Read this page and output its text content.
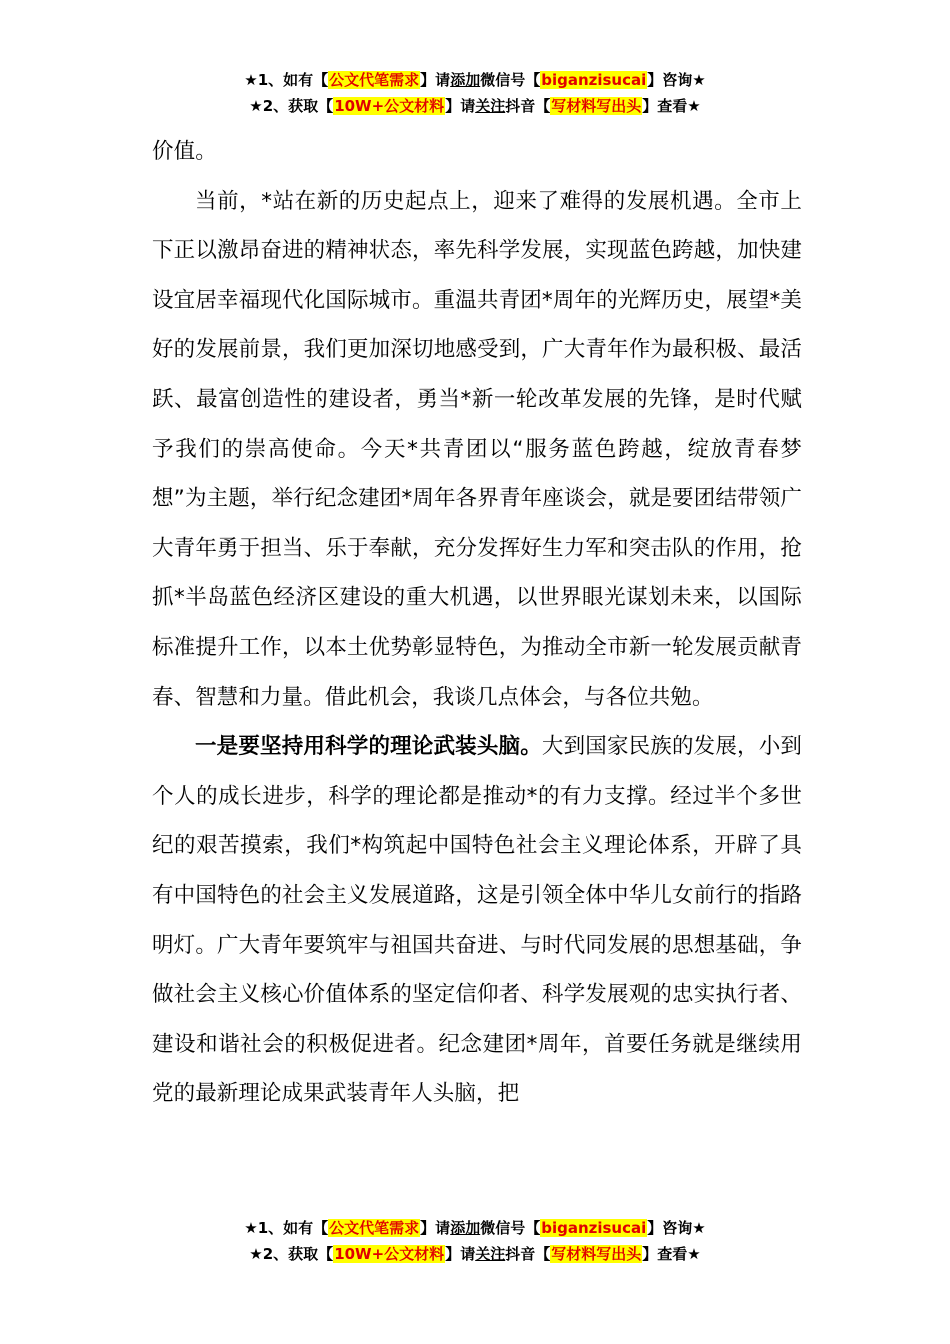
★1、如有【公文代笔需求】请添加微信号【biganzisucai】咨询★
★2、获取【10W+公文材料】请关注抖音【写材料写出头】查看★

价值。

当前，*站在新的历史起点上，迎来了难得的发展机遇。全市上下正以激昂奋进的精神状态，率先科学发展，实现蓝色跨越，加快建设宜居幸福现代化国际城市。重温共青团*周年的光辉历史，展望*美好的发展前景，我们更加深切地感受到，广大青年作为最积极、最活跃、最富创造性的建设者，勇当*新一轮改革发展的先锋，是时代赋予我们的崇高使命。今天*共青团以“服务蓝色跨越，绽放青春梦想”为主题，举行纪念建团*周年各界青年座谈会，就是要团结带领广大青年勇于担当、乐于奉献，充分发挥好生力军和突击队的作用，抢抓*半岛蓝色经济区建设的重大机遇，以世界眼光谋划未来，以国际标准提升工作，以本土优势彰显特色，为推动全市新一轮发展贡献青春、智慧和力量。借此机会，我谈几点体会，与各位共勉。

一是要坚持用科学的理论武装头脑。大到国家民族的发展，小到个人的成长进步，科学的理论都是推动*的有力支撑。经过半个多世纪的艰苦摸索，我们*构筑起中国特色社会主义理论体系，开辟了具有中国特色的社会主义发展道路，这是引领全体中华儿女前行的指路明灯。广大青年要筑牢与祖国共奋进、与时代同发展的思想基础，争做社会主义核心价值体系的坚定信仰者、科学发展观的忠实执行者、建设和谐社会的积极促进者。纪念建团*周年，首要任务就是继续用党的最新理论成果武装青年人头脑，把

★1、如有【公文代笔需求】请添加微信号【biganzisucai】咨询★
★2、获取【10W+公文材料】请关注抖音【写材料写出头】查看★
